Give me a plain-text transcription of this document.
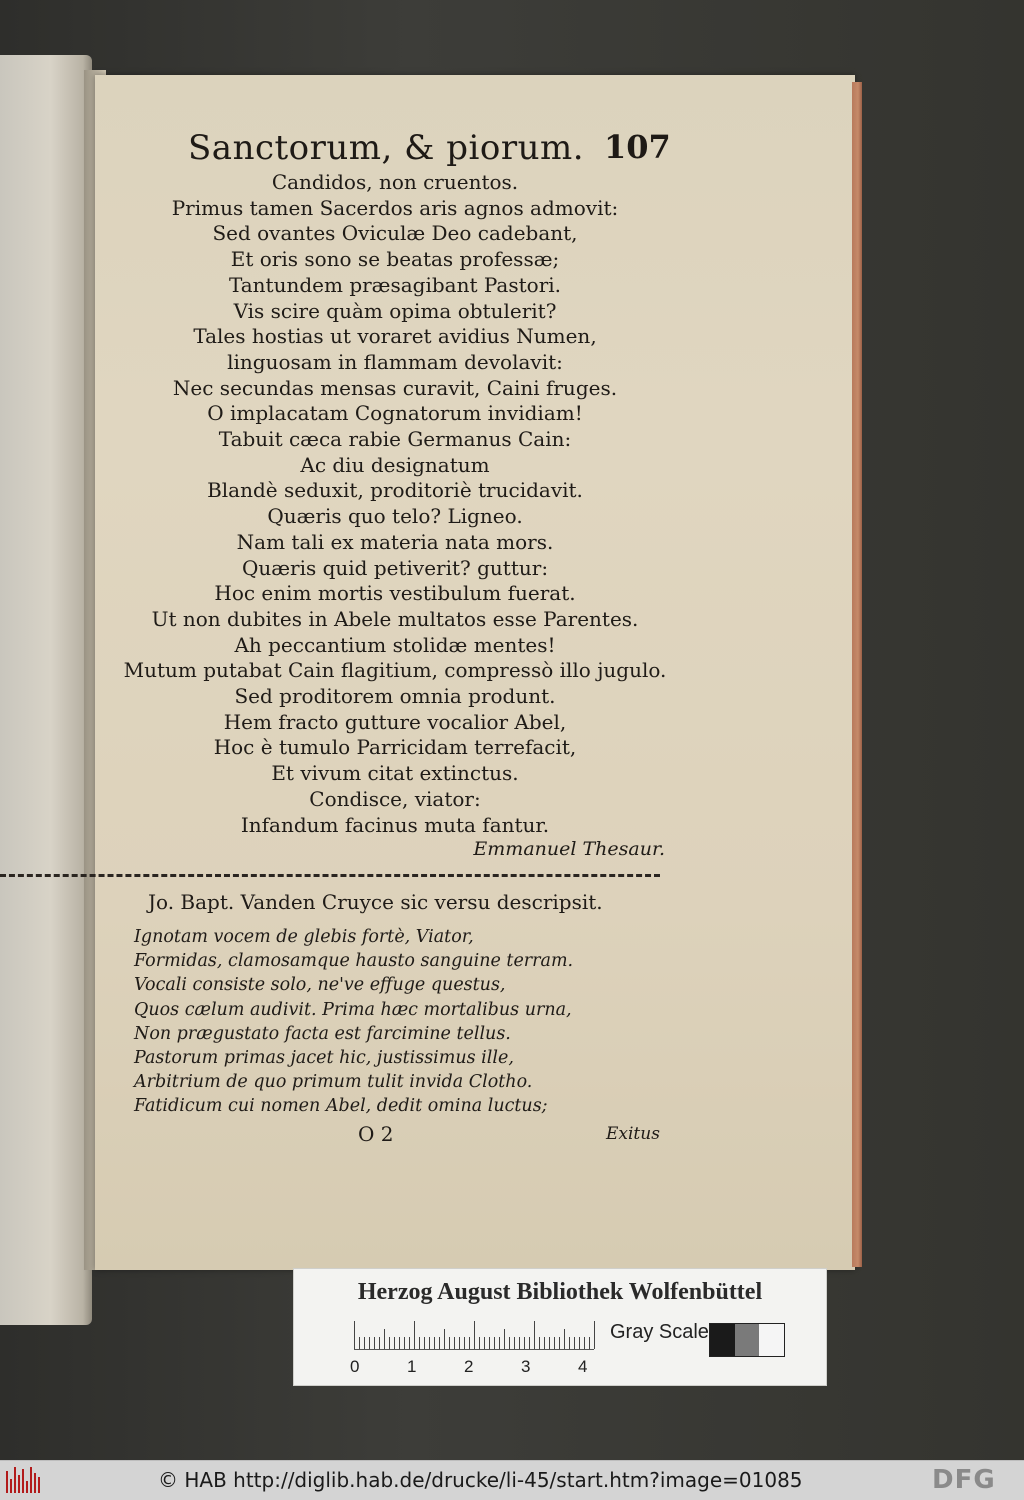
Sanctorum, & piorum. 107
Candidos, non cruentos.
Primus tamen Sacerdos aris agnos admovit:
Sed ovantes Oviculæ Deo cadebant,
Et oris sono se beatas professæ;
Tantundem præsagibant Pastori.
Vis scire quàm opima obtulerit?
Tales hostias ut voraret avidius Numen,
linguosam in flammam devolavit:
Nec secundas mensas curavit, Caini fruges.
O implacatam Cognatorum invidiam!
Tabuit cæca rabie Germanus Cain:
Ac diu designatum
Blandè seduxit, proditoriè trucidavit.
Quæris quo telo? Ligneo.
Nam tali ex materia nata mors.
Quæris quid petiverit? guttur:
Hoc enim mortis vestibulum fuerat.
Ut non dubites in Abele multatos esse Parentes.
Ah peccantium stolidæ mentes!
Mutum putabat Cain flagitium, compressò illo jugulo.
Sed proditorem omnia produnt.
Hem fracto gutture vocalior Abel,
Hoc è tumulo Parricidam terrefacit,
Et vivum citat extinctus.
Condisce, viator:
Infandum facinus muta fantur.
Emmanuel Thesaur.
Jo. Bapt. Vanden Cruyce sic versu descripsit.
Ignotam vocem de glebis fortè, Viator,
Formidas, clamosamque hausto sanguine terram.
Vocali consiste solo, ne've effuge questus,
Quos cælum audivit. Prima hæc mortalibus urna,
Non prægustato facta est farcimine tellus.
Pastorum primas jacet hic, justissimus ille,
Arbitrium de quo primum tulit invida Clotho.
Fatidicum cui nomen Abel, dedit omina luctus;
O 2	Exitus
Herzog August Bibliothek Wolfenbüttel
0	1	2	3	4
Gray Scale
© HAB http://diglib.hab.de/drucke/li-45/start.htm?image=01085	DFG
